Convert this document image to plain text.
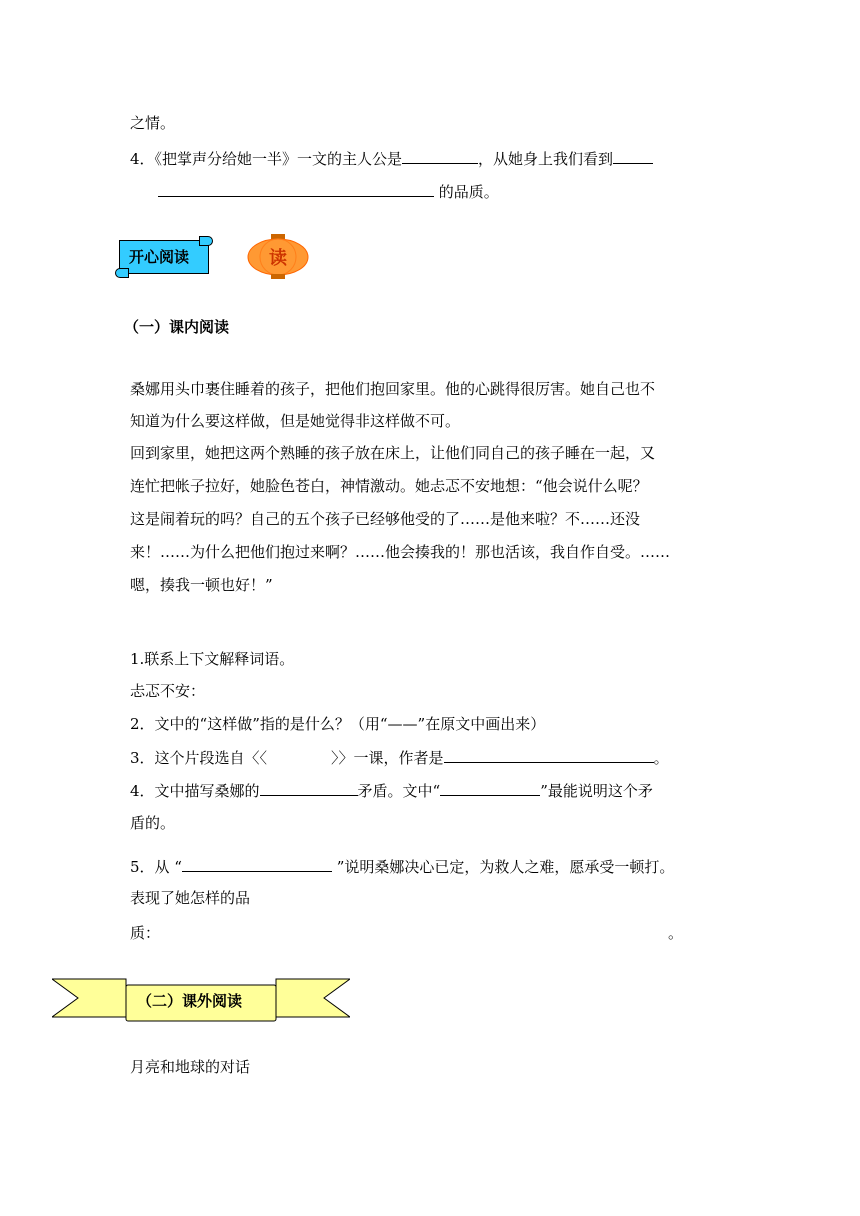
之情。
4．《把掌声分给她一半》一文的主人公是	，从她身上我们看到
的品质。
开心阅读	读
（一）课内阅读
桑娜用头巾裹住睡着的孩子，把他们抱回家里。他的心跳得很厉害。她自己也不
知道为什么要这样做，但是她觉得非这样做不可。
回到家里，她把这两个熟睡的孩子放在床上，让他们同自己的孩子睡在一起，又
连忙把帐子拉好，她脸色苍白，神情激动。她忐忑不安地想：“他会说什么呢？
这是闹着玩的吗？自己的五个孩子已经够他受的了……是他来啦？不……还没
来！……为什么把他们抱过来啊？……他会揍我的！那也活该，我自作自受。……
嗯，揍我一顿也好！”
1.联系上下文解释词语。
忐忑不安：
2．文中的“这样做”指的是什么？（用“——”在原文中画出来）
3．这个片段选自〈〈	〉〉一课，作者是	。
4．文中描写桑娜的	矛盾。文中“	”最能说明这个矛
盾的。
5．从 “	”说明桑娜决心已定，为救人之难，愿承受一顿打。
表现了她怎样的品
质：	。
（二）课外阅读
月亮和地球的对话
